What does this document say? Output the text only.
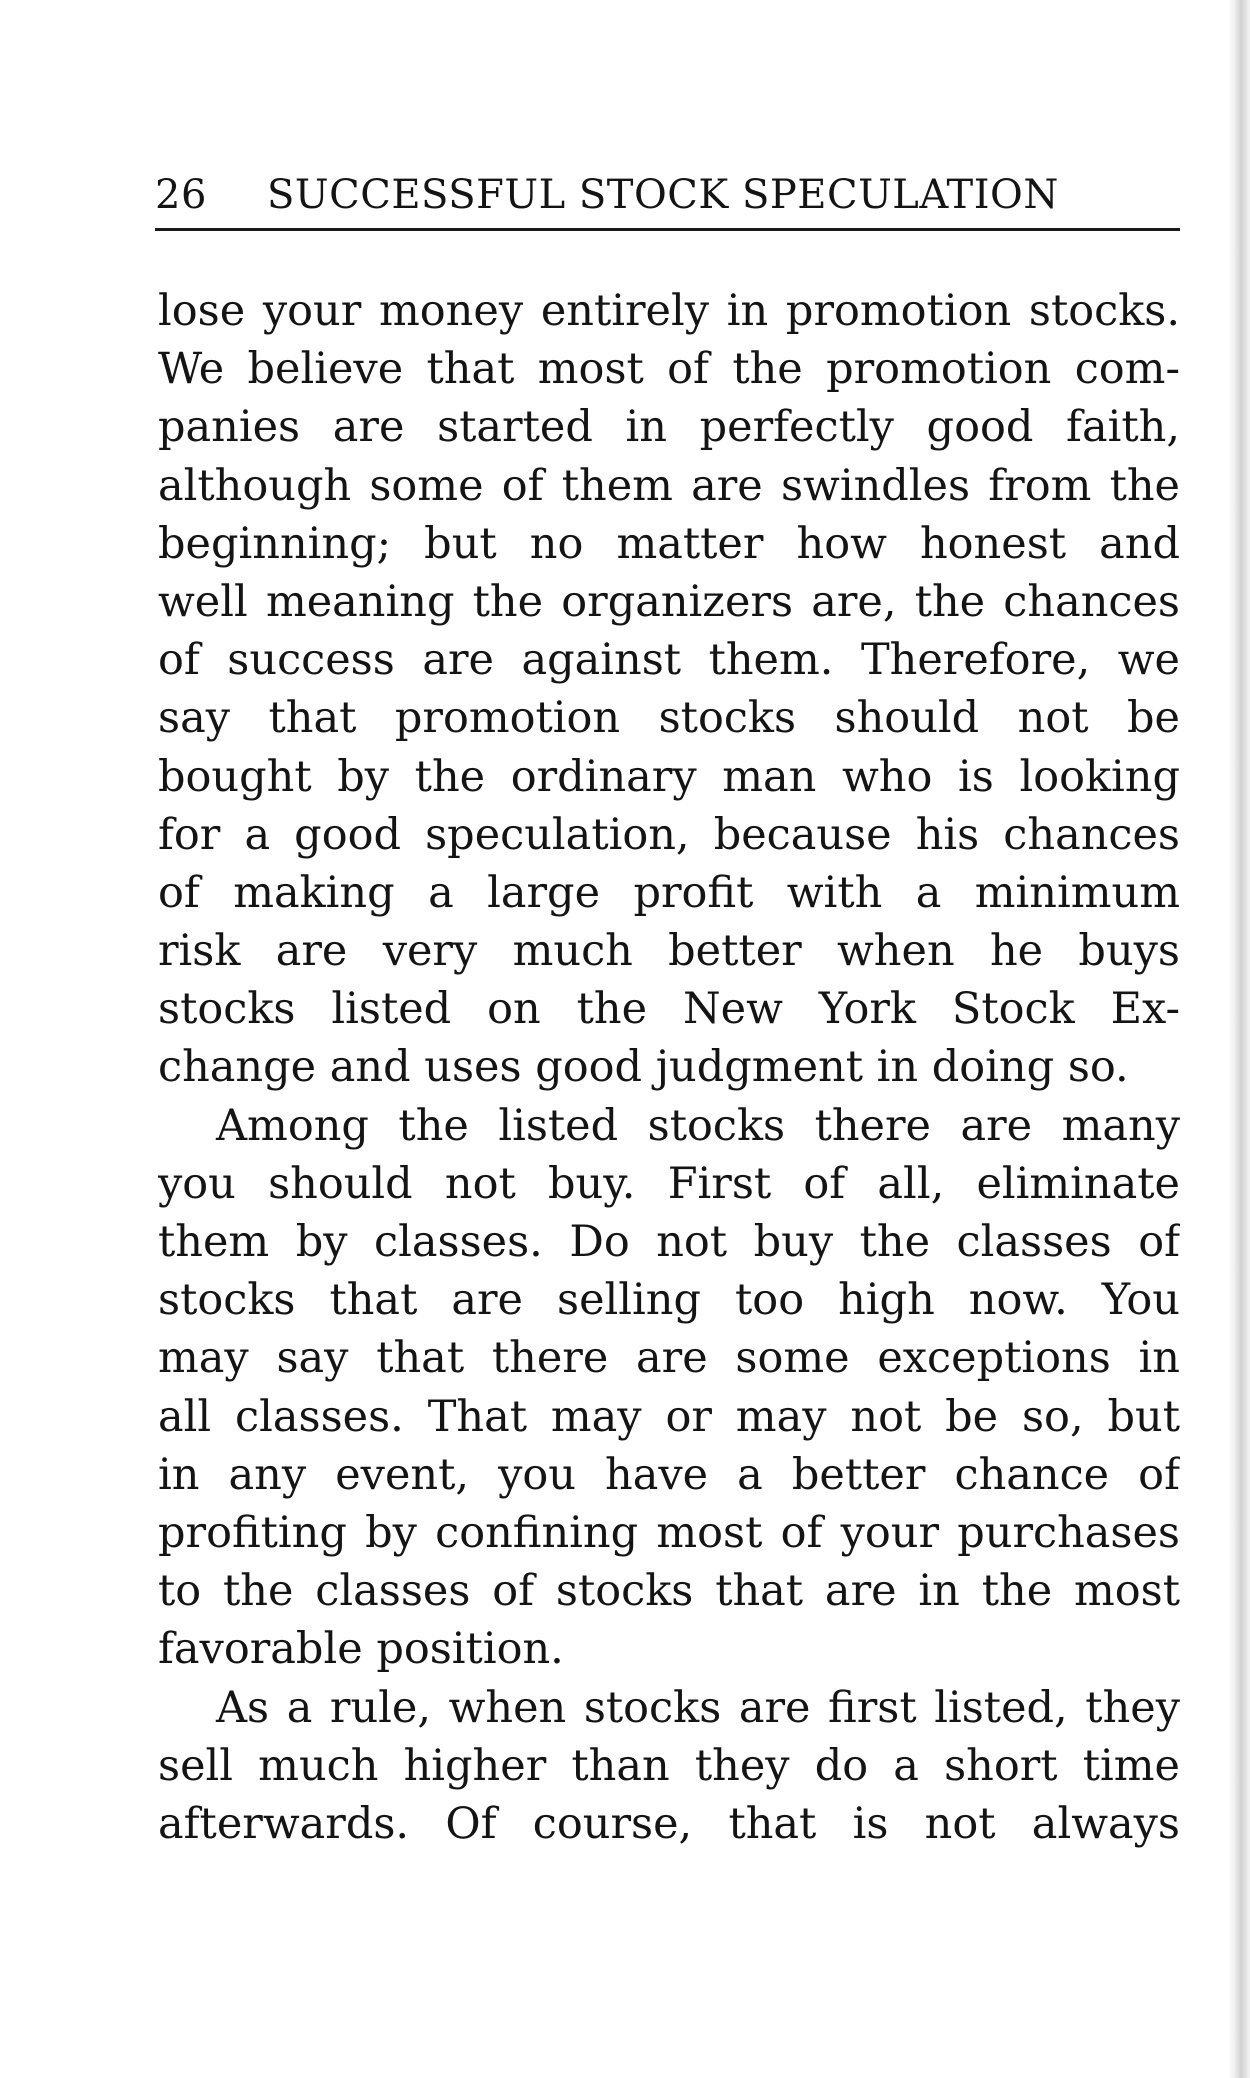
26 SUCCESSFUL STOCK SPECULATION
lose your money entirely in promotion stocks.
We believe that most of the promotion com-
panies are started in perfectly good faith,
although some of them are swindles from the
beginning; but no matter how honest and
well meaning the organizers are, the chances
of success are against them. Therefore, we
say that promotion stocks should not be
bought by the ordinary man who is looking
for a good speculation, because his chances
of making a large profit with a minimum
risk are very much better when he buys
stocks listed on the New York Stock Ex-
change and uses good judgment in doing so.
Among the listed stocks there are many
you should not buy. First of all, eliminate
them by classes. Do not buy the classes of
stocks that are selling too high now. You
may say that there are some exceptions in
all classes. That may or may not be so, but
in any event, you have a better chance of
profiting by confining most of your purchases
to the classes of stocks that are in the most
favorable position.
As a rule, when stocks are first listed, they
sell much higher than they do a short time
afterwards. Of course, that is not always
